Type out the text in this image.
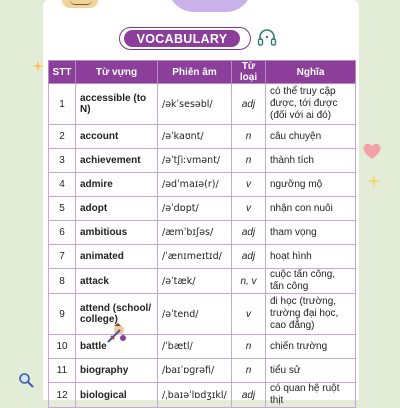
VOCABULARY
STT	Từ vựng	Phiên âm	Từ loại	Nghĩa
1	accessible (to N)	/əkˈsesəbl/	adj	có thể truy cập được, tới được (đối với ai đó)
2	account	/əˈkaʊnt/	n	câu chuyện
3	achievement	/əˈtʃiːvmənt/	n	thành tích
4	admire	/ədˈmaɪə(r)/	v	ngưỡng mộ
5	adopt	/əˈdɒpt/	v	nhận con nuôi
6	ambitious	/æmˈbɪʃəs/	adj	tham vọng
7	animated	/ˈænɪmeɪtɪd/	adj	hoạt hình
8	attack	/əˈtæk/	n, v	cuộc tấn công, tấn công
9	attend (school/ college)	/əˈtend/	v	đi học (trường, trường đại học, cao đẳng)
10	battle	/ˈbætl/	n	chiến trường
11	biography	/baɪˈɒɡrəfi/	n	tiểu sử
12	biological	/ˌbaɪəˈlɒdʒɪkl/	adj	có quan hệ ruột thịt
